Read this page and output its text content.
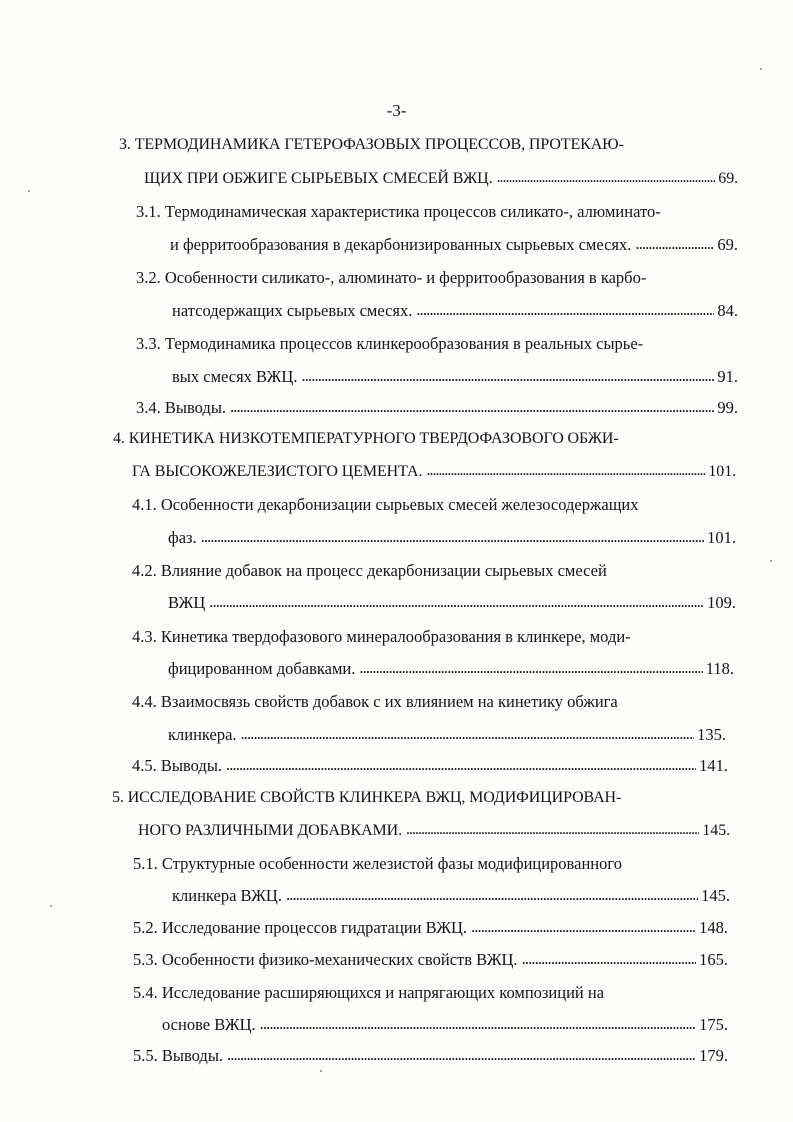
-3-
3. ТЕРМОДИНАМИКА ГЕТЕРОФАЗОВЫХ ПРОЦЕССОВ, ПРОТЕКАЮ-
ЩИХ ПРИ ОБЖИГЕ СЫРЬЕВЫХ СМЕСЕЙ ВЖЦ. . . .	69.
3.1. Термодинамическая характеристика процессов силикато-, алюминато-
и ферритообразования в декарбонизированных сырьевых смесях. . . .	69.
3.2. Особенности силикато-, алюминато- и ферритообразования в карбо-
натсодержащих сырьевых смесях. . . .	84.
3.3. Термодинамика процессов клинкерообразования в реальных сырье-
вых смесях ВЖЦ. . . .	91.
3.4. Выводы. . . .	99.
4. КИНЕТИКА НИЗКОТЕМПЕРАТУРНОГО ТВЕРДОФАЗОВОГО ОБЖИ-
ГА ВЫСОКОЖЕЛЕЗИСТОГО ЦЕМЕНТА. . . .	101.
4.1. Особенности декарбонизации сырьевых смесей железосодержащих
фаз. . . .	101.
4.2. Влияние добавок на процесс декарбонизации сырьевых смесей
ВЖЦ . . .	109.
4.3. Кинетика твердофазового минералообразования в клинкере, моди-
фицированном добавками. . . .	118.
4.4. Взаимосвязь свойств добавок с их влиянием на кинетику обжига
клинкера. . . .	135.
4.5. Выводы. . . .	141.
5. ИССЛЕДОВАНИЕ СВОЙСТВ КЛИНКЕРА ВЖЦ, МОДИФИЦИРОВАН-
НОГО РАЗЛИЧНЫМИ ДОБАВКАМИ. . . .	145.
5.1. Структурные особенности железистой фазы модифицированного
клинкера ВЖЦ. . . .	145.
5.2. Исследование процессов гидратации ВЖЦ. . . .	148.
5.3. Особенности физико-механических свойств ВЖЦ. . . .	165.
5.4. Исследование расширяющихся и напрягающих композиций на
основе ВЖЦ. . . .	175.
5.5. Выводы. . . .	179.
